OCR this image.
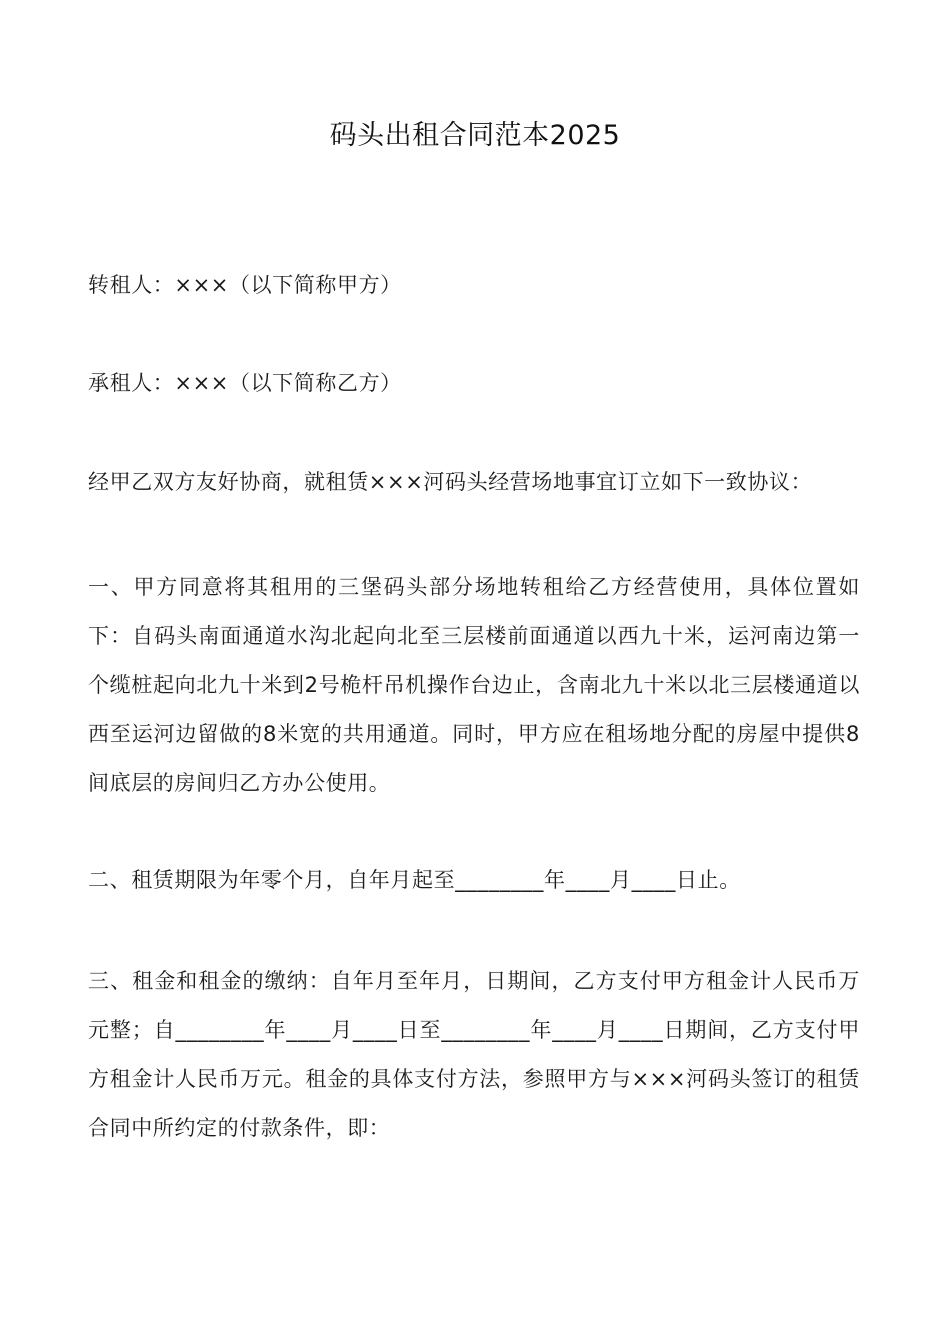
码头出租合同范本2025
转租人：×××（以下简称甲方）
承租人：×××（以下简称乙方）
经甲乙双方友好协商，就租赁×××河码头经营场地事宜订立如下一致协议：
一、甲方同意将其租用的三堡码头部分场地转租给乙方经营使用，具体位置如下：自码头南面通道水沟北起向北至三层楼前面通道以西九十米，运河南边第一个缆桩起向北九十米到2号桅杆吊机操作台边止，含南北九十米以北三层楼通道以西至运河边留做的8米宽的共用通道。同时，甲方应在租场地分配的房屋中提供8间底层的房间归乙方办公使用。
二、租赁期限为年零个月，自年月起至________年____月____日止。
三、租金和租金的缴纳：自年月至年月，日期间，乙方支付甲方租金计人民币万元整；自________年____月____日至________年____月____日期间，乙方支付甲方租金计人民币万元。租金的具体支付方法，参照甲方与×××河码头签订的租赁合同中所约定的付款条件，即：
